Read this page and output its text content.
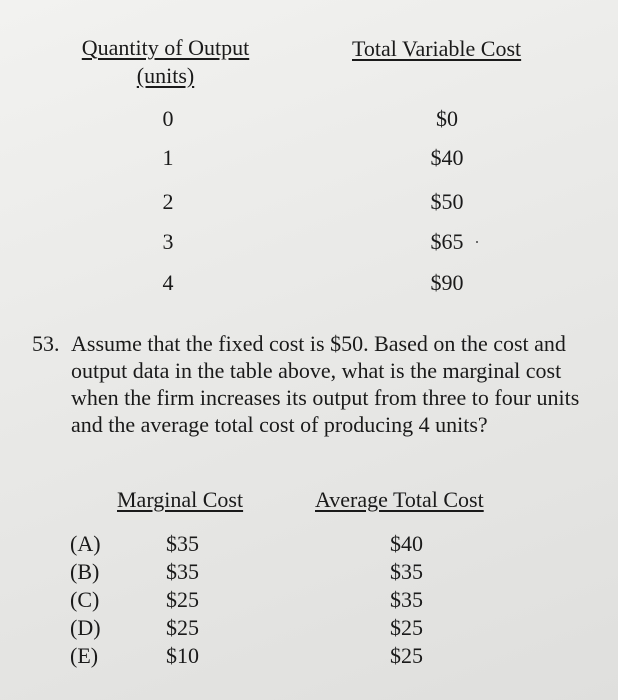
Quantity of Output
(units)
Total Variable Cost
0	$0
1	$40
2	$50
3	$65
4	$90
53. Assume that the fixed cost is $50. Based on the cost and output data in the table above, what is the marginal cost when the firm increases its output from three to four units and the average total cost of producing 4 units?
Marginal Cost	Average Total Cost
(A)	$35	$40
(B)	$35	$35
(C)	$25	$35
(D)	$25	$25
(E)	$10	$25
